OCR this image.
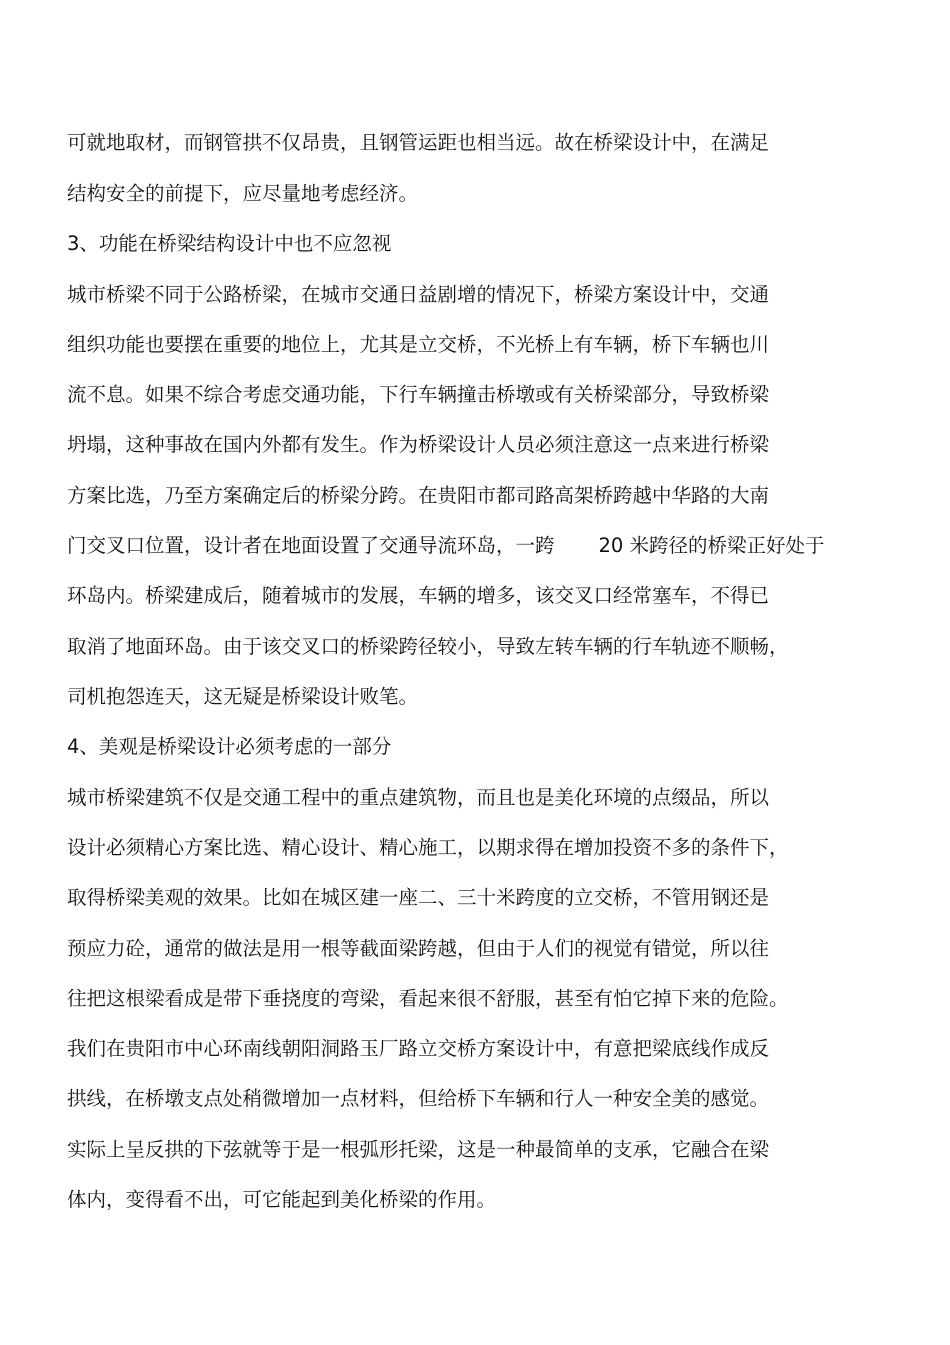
可就地取材，而钢管拱不仅昂贵，且钢管运距也相当远。故在桥梁设计中，在满足
结构安全的前提下，应尽量地考虑经济。
3、功能在桥梁结构设计中也不应忽视
城市桥梁不同于公路桥梁，在城市交通日益剧增的情况下，桥梁方案设计中，交通
组织功能也要摆在重要的地位上，尤其是立交桥，不光桥上有车辆，桥下车辆也川
流不息。如果不综合考虑交通功能，下行车辆撞击桥墩或有关桥梁部分，导致桥梁
坍塌，这种事故在国内外都有发生。作为桥梁设计人员必须注意这一点来进行桥梁
方案比选，乃至方案确定后的桥梁分跨。在贵阳市都司路高架桥跨越中华路的大南
门交叉口位置，设计者在地面设置了交通导流环岛，一跨 20 米跨径的桥梁正好处于
环岛内。桥梁建成后，随着城市的发展，车辆的增多，该交叉口经常塞车，不得已
取消了地面环岛。由于该交叉口的桥梁跨径较小，导致左转车辆的行车轨迹不顺畅，
司机抱怨连天，这无疑是桥梁设计败笔。
4、美观是桥梁设计必须考虑的一部分
城市桥梁建筑不仅是交通工程中的重点建筑物，而且也是美化环境的点缀品，所以
设计必须精心方案比选、精心设计、精心施工，以期求得在增加投资不多的条件下，
取得桥梁美观的效果。比如在城区建一座二、三十米跨度的立交桥，不管用钢还是
预应力砼，通常的做法是用一根等截面梁跨越，但由于人们的视觉有错觉，所以往
往把这根梁看成是带下垂挠度的弯梁，看起来很不舒服，甚至有怕它掉下来的危险。
我们在贵阳市中心环南线朝阳洞路玉厂路立交桥方案设计中，有意把梁底线作成反
拱线，在桥墩支点处稍微增加一点材料，但给桥下车辆和行人一种安全美的感觉。
实际上呈反拱的下弦就等于是一根弧形托梁，这是一种最简单的支承，它融合在梁
体内，变得看不出，可它能起到美化桥梁的作用。
